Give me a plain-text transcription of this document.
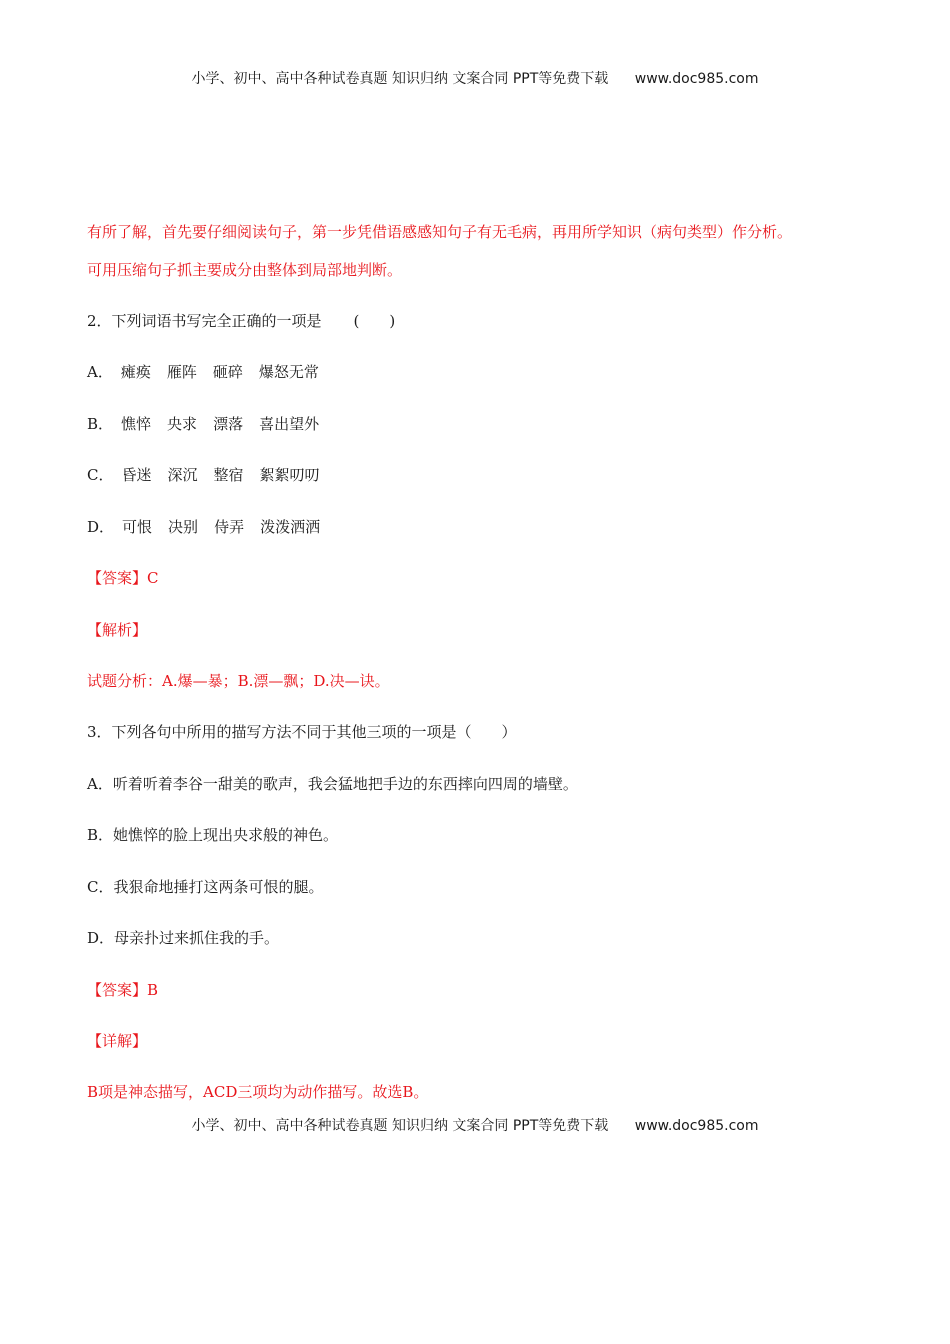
小学、初中、高中各种试卷真题 知识归纳 文案合同 PPT等免费下载 www.doc985.com
有所了解，首先要仔细阅读句子，第一步凭借语感感知句子有无毛病，再用所学知识（病句类型）作分析。
可用压缩句子抓主要成分由整体到局部地判断。
2．下列词语书写完全正确的一项是 (　　)
A． 瘫痪 雁阵 砸碎 爆怒无常
B． 憔悴 央求 漂落 喜出望外
C． 昏迷 深沉 整宿 絮絮叨叨
D． 可恨 决别 侍弄 泼泼洒洒
【答案】C
【解析】
试题分析：A.爆—暴；B.漂—飘；D.决—诀。
3．下列各句中所用的描写方法不同于其他三项的一项是（　　）
A．听着听着李谷一甜美的歌声，我会猛地把手边的东西摔向四周的墙壁。
B．她憔悴的脸上现出央求般的神色。
C．我狠命地捶打这两条可恨的腿。
D．母亲扑过来抓住我的手。
【答案】B
【详解】
B项是神态描写，ACD三项均为动作描写。故选B。
小学、初中、高中各种试卷真题 知识归纳 文案合同 PPT等免费下载 www.doc985.com
